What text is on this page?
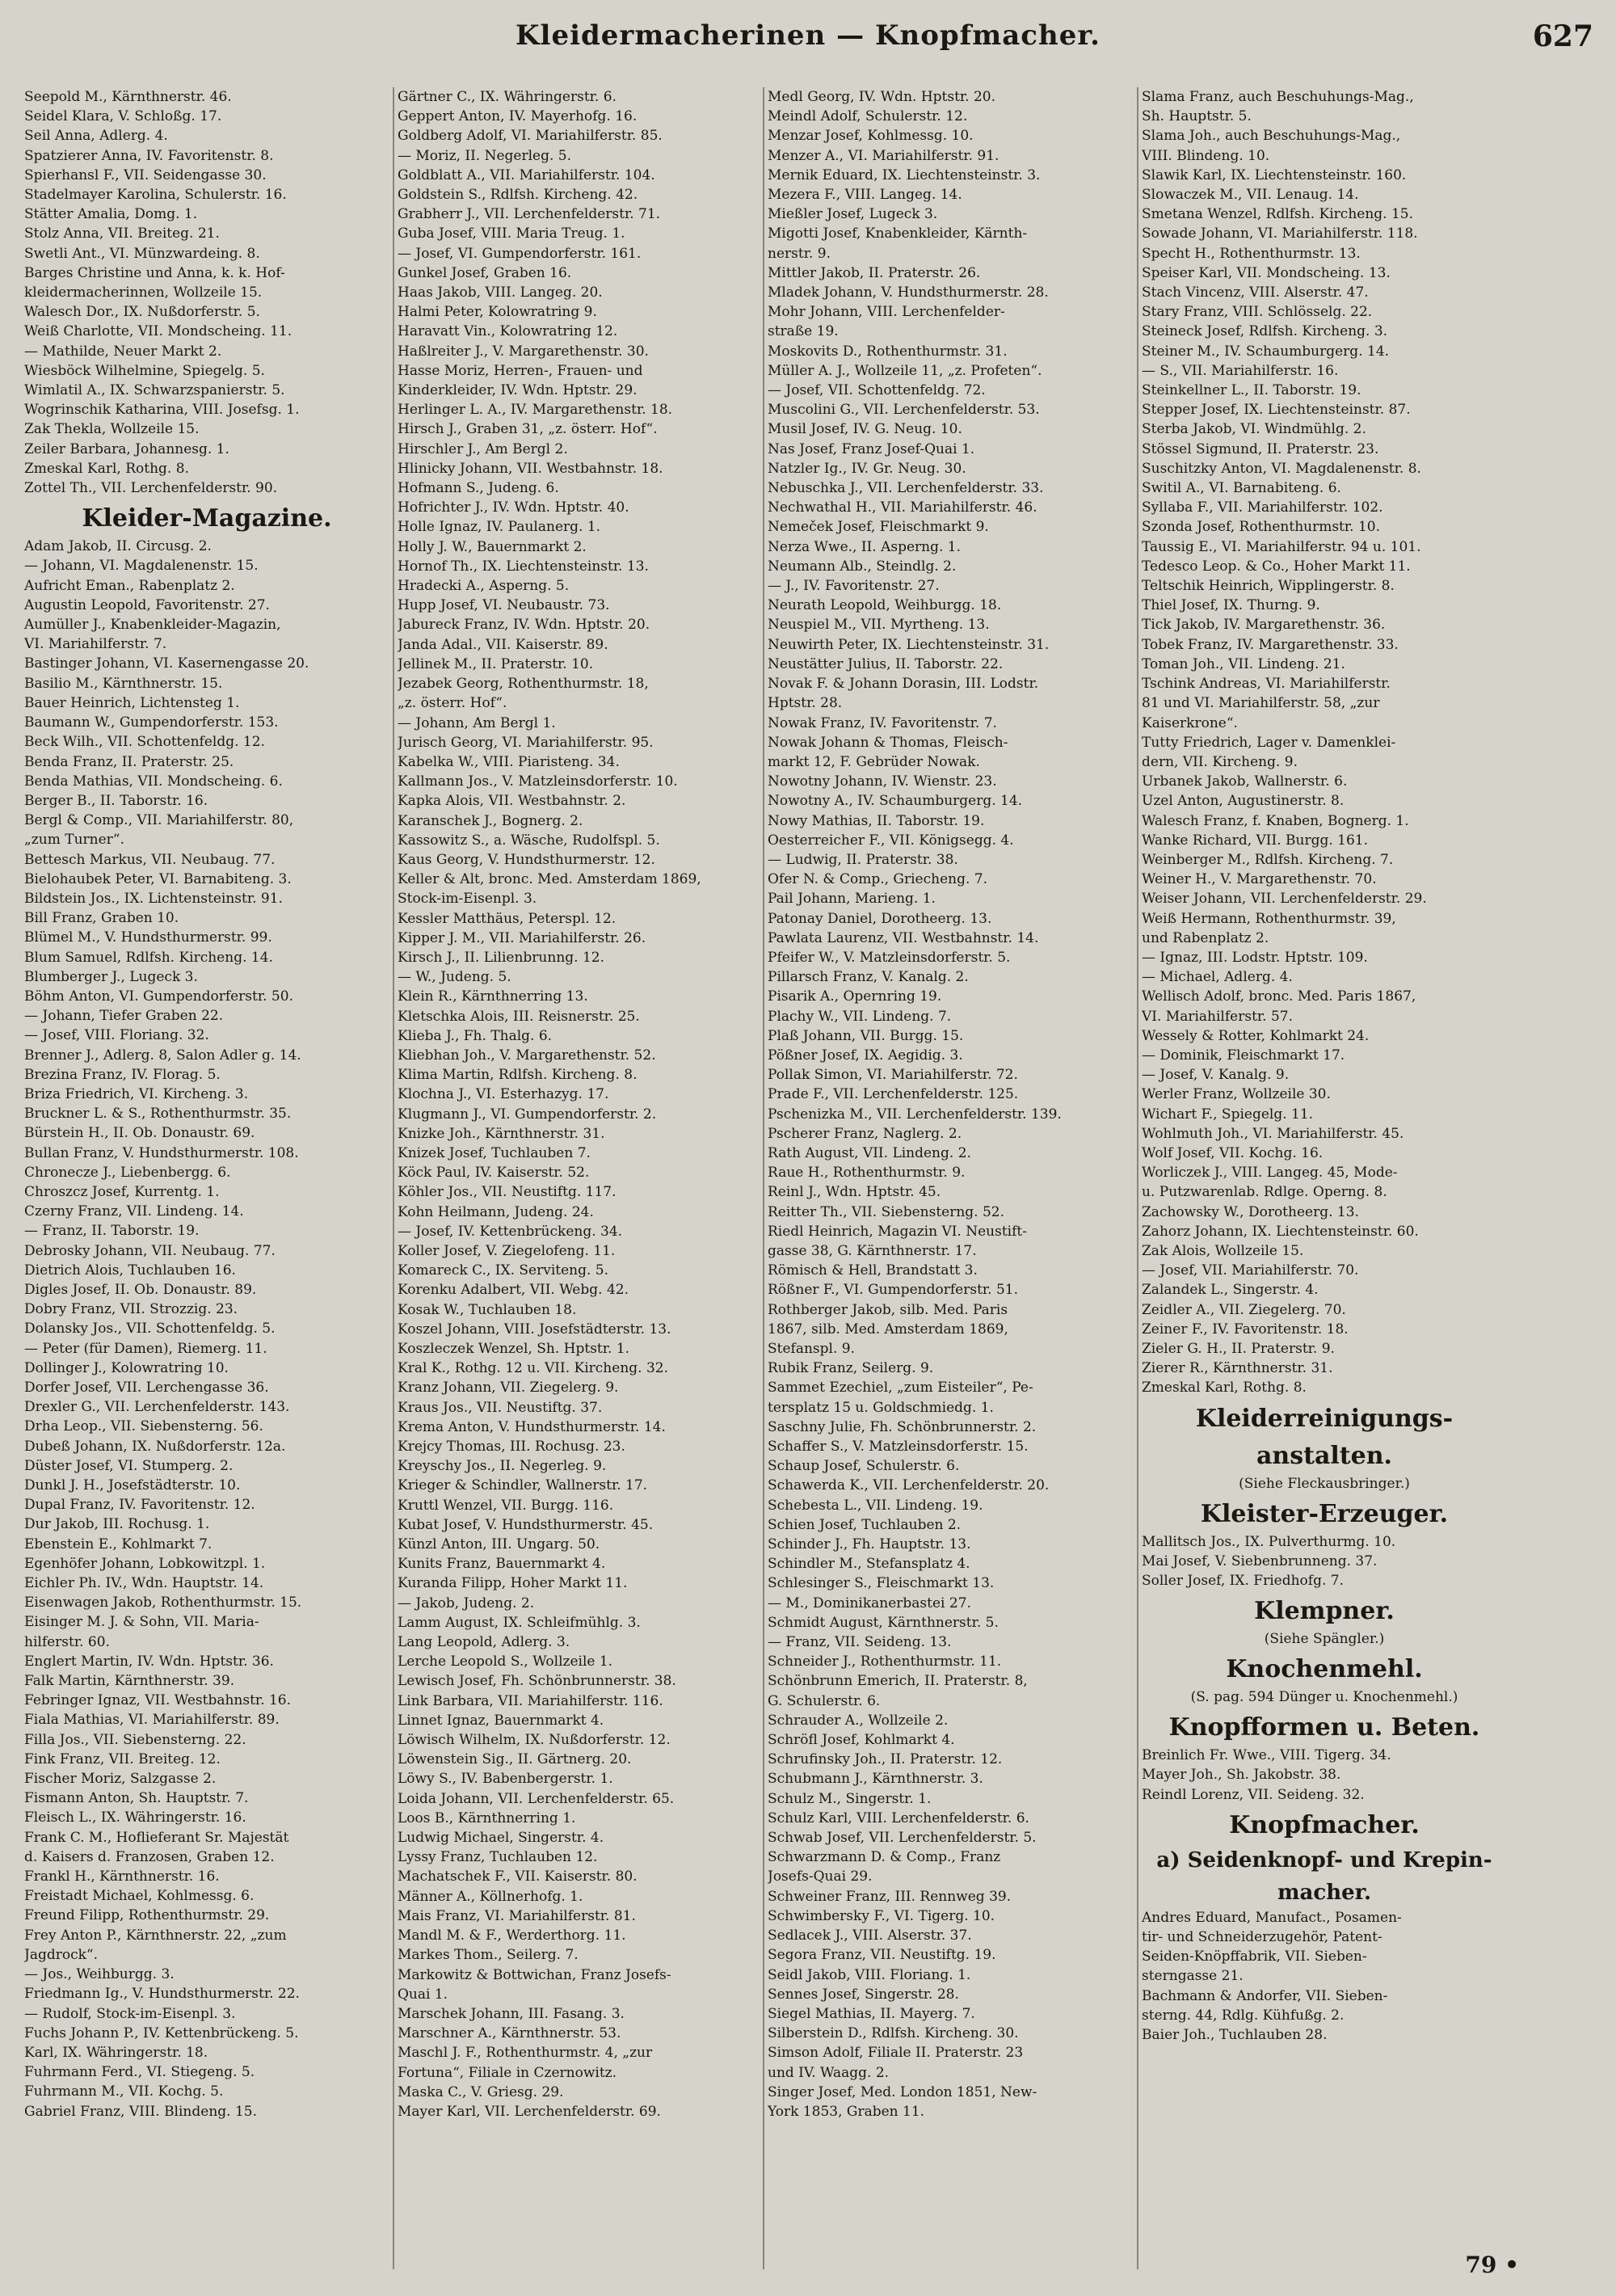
Kleidermacherinen — Knopfmacher.	627
Seepold M., Kärnthnerstr. 46.
Seidel Klara, V. Schloßg. 17.
Seil Anna, Adlerg. 4.
Spatzierer Anna, IV. Favoritenstr. 8.
Spierhansl F., VII. Seidengasse 30.
Stadelmayer Karolina, Schulerstr. 16.
Stätter Amalia, Domg. 1.
Stolz Anna, VII. Breiteg. 21.
Swetli Ant., VI. Münzwardeing. 8.
Barges Christine und Anna, k. k. Hof-
kleidermacherinnen, Wollzeile 15.
Walesch Dor., IX. Nußdorferstr. 5.
Weiß Charlotte, VII. Mondscheing. 11.
— Mathilde, Neuer Markt 2.
Wiesböck Wilhelmine, Spiegelg. 5.
Wimlatil A., IX. Schwarzspanierstr. 5.
Wogrinschik Katharina, VIII. Josefsg. 1.
Zak Thekla, Wollzeile 15.
Zeiler Barbara, Johannesg. 1.
Zmeskal Karl, Rothg. 8.
Zottel Th., VII. Lerchenfelderstr. 90.
Kleider-Magazine.
Adam Jakob, II. Circusg. 2.
— Johann, VI. Magdalenenstr. 15.
Aufricht Eman., Rabenplatz 2.
Augustin Leopold, Favoritenstr. 27.
Aumüller J., Knabenkleider-Magazin,
VI. Mariahilferstr. 7.
Bastinger Johann, VI. Kasernengasse 20.
Basilio M., Kärnthnerstr. 15.
Bauer Heinrich, Lichtensteg 1.
Baumann W., Gumpendorferstr. 153.
Beck Wilh., VII. Schottenfeldg. 12.
Benda Franz, II. Praterstr. 25.
Benda Mathias, VII. Mondscheing. 6.
Berger B., II. Taborstr. 16.
Bergl & Comp., VII. Mariahilferstr. 80,
„zum Turner“.
Bettesch Markus, VII. Neubaug. 77.
Bielohaubek Peter, VI. Barnabiteng. 3.
Bildstein Jos., IX. Lichtensteinstr. 91.
Bill Franz, Graben 10.
Blümel M., V. Hundsthurmerstr. 99.
Blum Samuel, Rdlfsh. Kircheng. 14.
Blumberger J., Lugeck 3.
Böhm Anton, VI. Gumpendorferstr. 50.
— Johann, Tiefer Graben 22.
— Josef, VIII. Floriang. 32.
Brenner J., Adlerg. 8, Salon Adler g. 14.
Brezina Franz, IV. Florag. 5.
Briza Friedrich, VI. Kircheng. 3.
Bruckner L. & S., Rothenthurmstr. 35.
Bürstein H., II. Ob. Donaustr. 69.
Bullan Franz, V. Hundsthurmerstr. 108.
Chronecze J., Liebenbergg. 6.
Chroszcz Josef, Kurrentg. 1.
Czerny Franz, VII. Lindeng. 14.
— Franz, II. Taborstr. 19.
Debrosky Johann, VII. Neubaug. 77.
Dietrich Alois, Tuchlauben 16.
Digles Josef, II. Ob. Donaustr. 89.
Dobry Franz, VII. Strozzig. 23.
Dolansky Jos., VII. Schottenfeldg. 5.
— Peter (für Damen), Riemerg. 11.
Dollinger J., Kolowratring 10.
Dorfer Josef, VII. Lerchengasse 36.
Drexler G., VII. Lerchenfelderstr. 143.
Drha Leop., VII. Siebensterng. 56.
Dubeß Johann, IX. Nußdorferstr. 12a.
Düster Josef, VI. Stumperg. 2.
Dunkl J. H., Josefstädterstr. 10.
Dupal Franz, IV. Favoritenstr. 12.
Dur Jakob, III. Rochusg. 1.
Ebenstein E., Kohlmarkt 7.
Egenhöfer Johann, Lobkowitzpl. 1.
Eichler Ph. IV., Wdn. Hauptstr. 14.
Eisenwagen Jakob, Rothenthurmstr. 15.
Eisinger M. J. & Sohn, VII. Maria-
hilferstr. 60.
Englert Martin, IV. Wdn. Hptstr. 36.
Falk Martin, Kärnthnerstr. 39.
Febringer Ignaz, VII. Westbahnstr. 16.
Fiala Mathias, VI. Mariahilferstr. 89.
Filla Jos., VII. Siebensterng. 22.
Fink Franz, VII. Breiteg. 12.
Fischer Moriz, Salzgasse 2.
Fismann Anton, Sh. Hauptstr. 7.
Fleisch L., IX. Währingerstr. 16.
Frank C. M., Hoflieferant Sr. Majestät
d. Kaisers d. Franzosen, Graben 12.
Frankl H., Kärnthnerstr. 16.
Freistadt Michael, Kohlmessg. 6.
Freund Filipp, Rothenthurmstr. 29.
Frey Anton P., Kärnthnerstr. 22, „zum
Jagdrock“.
— Jos., Weihburgg. 3.
Friedmann Ig., V. Hundsthurmerstr. 22.
— Rudolf, Stock-im-Eisenpl. 3.
Fuchs Johann P., IV. Kettenbrückeng. 5.
Karl, IX. Währingerstr. 18.
Fuhrmann Ferd., VI. Stiegeng. 5.
Fuhrmann M., VII. Kochg. 5.
Gabriel Franz, VIII. Blindeng. 15.
Gärtner C., IX. Währingerstr. 6.
Geppert Anton, IV. Mayerhofg. 16.
Goldberg Adolf, VI. Mariahilferstr. 85.
— Moriz, II. Negerleg. 5.
Goldblatt A., VII. Mariahilferstr. 104.
Goldstein S., Rdlfsh. Kircheng. 42.
Grabherr J., VII. Lerchenfelderstr. 71.
Guba Josef, VIII. Maria Treug. 1.
— Josef, VI. Gumpendorferstr. 161.
Gunkel Josef, Graben 16.
Haas Jakob, VIII. Langeg. 20.
Halmi Peter, Kolowratring 9.
Haravatt Vin., Kolowratring 12.
Haßlreiter J., V. Margarethenstr. 30.
Hasse Moriz, Herren-, Frauen- und
Kinderkleider, IV. Wdn. Hptstr. 29.
Herlinger L. A., IV. Margarethenstr. 18.
Hirsch J., Graben 31, „z. österr. Hof“.
Hirschler J., Am Bergl 2.
Hlinicky Johann, VII. Westbahnstr. 18.
Hofmann S., Judeng. 6.
Hofrichter J., IV. Wdn. Hptstr. 40.
Holle Ignaz, IV. Paulanerg. 1.
Holly J. W., Bauernmarkt 2.
Hornof Th., IX. Liechtensteinstr. 13.
Hradecki A., Asperng. 5.
Hupp Josef, VI. Neubaustr. 73.
Jabureck Franz, IV. Wdn. Hptstr. 20.
Janda Adal., VII. Kaiserstr. 89.
Jellinek M., II. Praterstr. 10.
Jezabek Georg, Rothenthurmstr. 18,
„z. österr. Hof“.
— Johann, Am Bergl 1.
Jurisch Georg, VI. Mariahilferstr. 95.
Kabelka W., VIII. Piaristeng. 34.
Kallmann Jos., V. Matzleinsdorferstr. 10.
Kapka Alois, VII. Westbahnstr. 2.
Karanschek J., Bognerg. 2.
Kassowitz S., a. Wäsche, Rudolfspl. 5.
Kaus Georg, V. Hundsthurmerstr. 12.
Keller & Alt, bronc. Med. Amsterdam 1869,
Stock-im-Eisenpl. 3.
Kessler Matthäus, Peterspl. 12.
Kipper J. M., VII. Mariahilferstr. 26.
Kirsch J., II. Lilienbrunng. 12.
— W., Judeng. 5.
Klein R., Kärnthnerring 13.
Kletschka Alois, III. Reisnerstr. 25.
Klieba J., Fh. Thalg. 6.
Kliebhan Joh., V. Margarethenstr. 52.
Klima Martin, Rdlfsh. Kircheng. 8.
Klochna J., VI. Esterhazyg. 17.
Klugmann J., VI. Gumpendorferstr. 2.
Knizke Joh., Kärnthnerstr. 31.
Knizek Josef, Tuchlauben 7.
Köck Paul, IV. Kaiserstr. 52.
Köhler Jos., VII. Neustiftg. 117.
Kohn Heilmann, Judeng. 24.
— Josef, IV. Kettenbrückeng. 34.
Koller Josef, V. Ziegelofeng. 11.
Komareck C., IX. Serviteng. 5.
Korenku Adalbert, VII. Webg. 42.
Kosak W., Tuchlauben 18.
Koszel Johann, VIII. Josefstädterstr. 13.
Koszleczek Wenzel, Sh. Hptstr. 1.
Kral K., Rothg. 12 u. VII. Kircheng. 32.
Kranz Johann, VII. Ziegelerg. 9.
Kraus Jos., VII. Neustiftg. 37.
Krema Anton, V. Hundsthurmerstr. 14.
Krejcy Thomas, III. Rochusg. 23.
Kreyschy Jos., II. Negerleg. 9.
Krieger & Schindler, Wallnerstr. 17.
Kruttl Wenzel, VII. Burgg. 116.
Kubat Josef, V. Hundsthurmerstr. 45.
Künzl Anton, III. Ungarg. 50.
Kunits Franz, Bauernmarkt 4.
Kuranda Filipp, Hoher Markt 11.
— Jakob, Judeng. 2.
Lamm August, IX. Schleifmühlg. 3.
Lang Leopold, Adlerg. 3.
Lerche Leopold S., Wollzeile 1.
Lewisch Josef, Fh. Schönbrunnerstr. 38.
Link Barbara, VII. Mariahilferstr. 116.
Linnet Ignaz, Bauernmarkt 4.
Löwisch Wilhelm, IX. Nußdorferstr. 12.
Löwenstein Sig., II. Gärtnerg. 20.
Löwy S., IV. Babenbergerstr. 1.
Loida Johann, VII. Lerchenfelderstr. 65.
Loos B., Kärnthnerring 1.
Ludwig Michael, Singerstr. 4.
Lyssy Franz, Tuchlauben 12.
Machatschek F., VII. Kaiserstr. 80.
Männer A., Köllnerhofg. 1.
Mais Franz, VI. Mariahilferstr. 81.
Mandl M. & F., Werderthorg. 11.
Markes Thom., Seilerg. 7.
Markowitz & Bottwichan, Franz Josefs-
Quai 1.
Marschek Johann, III. Fasang. 3.
Marschner A., Kärnthnerstr. 53.
Maschl J. F., Rothenthurmstr. 4, „zur
Fortuna“, Filiale in Czernowitz.
Maska C., V. Griesg. 29.
Mayer Karl, VII. Lerchenfelderstr. 69.
Medl Georg, IV. Wdn. Hptstr. 20.
Meindl Adolf, Schulerstr. 12.
Menzar Josef, Kohlmessg. 10.
Menzer A., VI. Mariahilferstr. 91.
Mernik Eduard, IX. Liechtensteinstr. 3.
Mezera F., VIII. Langeg. 14.
Mießler Josef, Lugeck 3.
Migotti Josef, Knabenkleider, Kärnth-
nerstr. 9.
Mittler Jakob, II. Praterstr. 26.
Mladek Johann, V. Hundsthurmerstr. 28.
Mohr Johann, VIII. Lerchenfelder-
straße 19.
Moskovits D., Rothenthurmstr. 31.
Müller A. J., Wollzeile 11, „z. Profeten“.
— Josef, VII. Schottenfeldg. 72.
Muscolini G., VII. Lerchenfelderstr. 53.
Musil Josef, IV. G. Neug. 10.
Nas Josef, Franz Josef-Quai 1.
Natzler Ig., IV. Gr. Neug. 30.
Nebuschka J., VII. Lerchenfelderstr. 33.
Nechwathal H., VII. Mariahilferstr. 46.
Nemeček Josef, Fleischmarkt 9.
Nerza Wwe., II. Asperng. 1.
Neumann Alb., Steindlg. 2.
— J., IV. Favoritenstr. 27.
Neurath Leopold, Weihburgg. 18.
Neuspiel M., VII. Myrtheng. 13.
Neuwirth Peter, IX. Liechtensteinstr. 31.
Neustätter Julius, II. Taborstr. 22.
Novak F. & Johann Dorasin, III. Lodstr.
Hptstr. 28.
Nowak Franz, IV. Favoritenstr. 7.
Nowak Johann & Thomas, Fleisch-
markt 12, F. Gebrüder Nowak.
Nowotny Johann, IV. Wienstr. 23.
Nowotny A., IV. Schaumburgerg. 14.
Nowy Mathias, II. Taborstr. 19.
Oesterreicher F., VII. Königsegg. 4.
— Ludwig, II. Praterstr. 38.
Ofer N. & Comp., Griecheng. 7.
Pail Johann, Marieng. 1.
Patonay Daniel, Dorotheerg. 13.
Pawlata Laurenz, VII. Westbahnstr. 14.
Pfeifer W., V. Matzleinsdorferstr. 5.
Pillarsch Franz, V. Kanalg. 2.
Pisarik A., Opernring 19.
Plachy W., VII. Lindeng. 7.
Plaß Johann, VII. Burgg. 15.
Pößner Josef, IX. Aegidig. 3.
Pollak Simon, VI. Mariahilferstr. 72.
Prade F., VII. Lerchenfelderstr. 125.
Pschenizka M., VII. Lerchenfelderstr. 139.
Pscherer Franz, Naglerg. 2.
Rath August, VII. Lindeng. 2.
Raue H., Rothenthurmstr. 9.
Reinl J., Wdn. Hptstr. 45.
Reitter Th., VII. Siebensterng. 52.
Riedl Heinrich, Magazin VI. Neustift-
gasse 38, G. Kärnthnerstr. 17.
Römisch & Hell, Brandstatt 3.
Rößner F., VI. Gumpendorferstr. 51.
Rothberger Jakob, silb. Med. Paris
1867, silb. Med. Amsterdam 1869,
Stefanspl. 9.
Rubik Franz, Seilerg. 9.
Sammet Ezechiel, „zum Eisteiler“, Pe-
tersplatz 15 u. Goldschmiedg. 1.
Saschny Julie, Fh. Schönbrunnerstr. 2.
Schaffer S., V. Matzleinsdorferstr. 15.
Schaup Josef, Schulerstr. 6.
Schawerda K., VII. Lerchenfelderstr. 20.
Schebesta L., VII. Lindeng. 19.
Schien Josef, Tuchlauben 2.
Schinder J., Fh. Hauptstr. 13.
Schindler M., Stefansplatz 4.
Schlesinger S., Fleischmarkt 13.
— M., Dominikanerbastei 27.
Schmidt August, Kärnthnerstr. 5.
— Franz, VII. Seideng. 13.
Schneider J., Rothenthurmstr. 11.
Schönbrunn Emerich, II. Praterstr. 8,
G. Schulerstr. 6.
Schrauder A., Wollzeile 2.
Schröfl Josef, Kohlmarkt 4.
Schrufinsky Joh., II. Praterstr. 12.
Schubmann J., Kärnthnerstr. 3.
Schulz M., Singerstr. 1.
Schulz Karl, VIII. Lerchenfelderstr. 6.
Schwab Josef, VII. Lerchenfelderstr. 5.
Schwarzmann D. & Comp., Franz
Josefs-Quai 29.
Schweiner Franz, III. Rennweg 39.
Schwimbersky F., VI. Tigerg. 10.
Sedlacek J., VIII. Alserstr. 37.
Segora Franz, VII. Neustiftg. 19.
Seidl Jakob, VIII. Floriang. 1.
Sennes Josef, Singerstr. 28.
Siegel Mathias, II. Mayerg. 7.
Silberstein D., Rdlfsh. Kircheng. 30.
Simson Adolf, Filiale II. Praterstr. 23
und IV. Waagg. 2.
Singer Josef, Med. London 1851, New-
York 1853, Graben 11.
Slama Franz, auch Beschuhungs-Mag.,
Sh. Hauptstr. 5.
Slama Joh., auch Beschuhungs-Mag.,
VIII. Blindeng. 10.
Slawik Karl, IX. Liechtensteinstr. 160.
Slowaczek M., VII. Lenaug. 14.
Smetana Wenzel, Rdlfsh. Kircheng. 15.
Sowade Johann, VI. Mariahilferstr. 118.
Specht H., Rothenthurmstr. 13.
Speiser Karl, VII. Mondscheing. 13.
Stach Vincenz, VIII. Alserstr. 47.
Stary Franz, VIII. Schlösselg. 22.
Steineck Josef, Rdlfsh. Kircheng. 3.
Steiner M., IV. Schaumburgerg. 14.
— S., VII. Mariahilferstr. 16.
Steinkellner L., II. Taborstr. 19.
Stepper Josef, IX. Liechtensteinstr. 87.
Sterba Jakob, VI. Windmühlg. 2.
Stössel Sigmund, II. Praterstr. 23.
Suschitzky Anton, VI. Magdalenenstr. 8.
Switil A., VI. Barnabiteng. 6.
Syllaba F., VII. Mariahilferstr. 102.
Szonda Josef, Rothenthurmstr. 10.
Taussig E., VI. Mariahilferstr. 94 u. 101.
Tedesco Leop. & Co., Hoher Markt 11.
Teltschik Heinrich, Wipplingerstr. 8.
Thiel Josef, IX. Thurng. 9.
Tick Jakob, IV. Margarethenstr. 36.
Tobek Franz, IV. Margarethenstr. 33.
Toman Joh., VII. Lindeng. 21.
Tschink Andreas, VI. Mariahilferstr.
81 und VI. Mariahilferstr. 58, „zur
Kaiserkrone“.
Tutty Friedrich, Lager v. Damenklei-
dern, VII. Kircheng. 9.
Urbanek Jakob, Wallnerstr. 6.
Uzel Anton, Augustinerstr. 8.
Walesch Franz, f. Knaben, Bognerg. 1.
Wanke Richard, VII. Burgg. 161.
Weinberger M., Rdlfsh. Kircheng. 7.
Weiner H., V. Margarethenstr. 70.
Weiser Johann, VII. Lerchenfelderstr. 29.
Weiß Hermann, Rothenthurmstr. 39,
und Rabenplatz 2.
— Ignaz, III. Lodstr. Hptstr. 109.
— Michael, Adlerg. 4.
Wellisch Adolf, bronc. Med. Paris 1867,
VI. Mariahilferstr. 57.
Wessely & Rotter, Kohlmarkt 24.
— Dominik, Fleischmarkt 17.
— Josef, V. Kanalg. 9.
Werler Franz, Wollzeile 30.
Wichart F., Spiegelg. 11.
Wohlmuth Joh., VI. Mariahilferstr. 45.
Wolf Josef, VII. Kochg. 16.
Worliczek J., VIII. Langeg. 45, Mode-
u. Putzwarenlab. Rdlge. Operng. 8.
Zachowsky W., Dorotheerg. 13.
Zahorz Johann, IX. Liechtensteinstr. 60.
Zak Alois, Wollzeile 15.
— Josef, VII. Mariahilferstr. 70.
Zalandek L., Singerstr. 4.
Zeidler A., VII. Ziegelerg. 70.
Zeiner F., IV. Favoritenstr. 18.
Zieler G. H., II. Praterstr. 9.
Zierer R., Kärnthnerstr. 31.
Zmeskal Karl, Rothg. 8.
Kleiderreinigungs-
anstalten.
(Siehe Fleckausbringer.)
Kleister-Erzeuger.
Mallitsch Jos., IX. Pulverthurmg. 10.
Mai Josef, V. Siebenbrunneng. 37.
Soller Josef, IX. Friedhofg. 7.
Klempner.
(Siehe Spängler.)
Knochenmehl.
(S. pag. 594 Dünger u. Knochenmehl.)
Knopfformen u. Beten.
Breinlich Fr. Wwe., VIII. Tigerg. 34.
Mayer Joh., Sh. Jakobstr. 38.
Reindl Lorenz, VII. Seideng. 32.
Knopfmacher.
a) Seidenknopf- und Krepin-
macher.
Andres Eduard, Manufact., Posamen-
tir- und Schneiderzugehör, Patent-
Seiden-Knöpffabrik, VII. Sieben-
sterngasse 21.
Bachmann & Andorfer, VII. Sieben-
sterng. 44, Rdlg. Kühfußg. 2.
Baier Joh., Tuchlauben 28.
79 •
